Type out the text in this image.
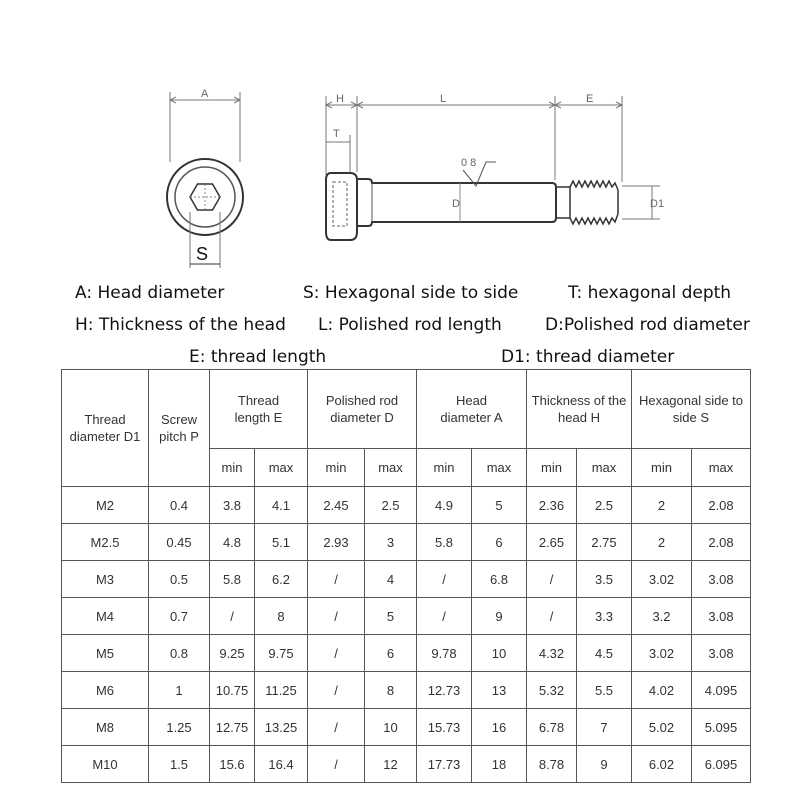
A
S
H	L	E
T
D	D1
0 8
A: Head diameter	S: Hexagonal side to side	T: hexagonal depth
H: Thickness of the head L: Polished rod length	D:Polished rod diameter
E: thread length	D1: thread diameter
Thread diameter D1	Screw pitch P	Thread length E		Polished rod diameter D		Head diameter A		Thickness of the head H		Hexagonal side to side S	
		min	max	min	max	min	max	min	max	min	max
M2	0.4	3.8	4.1	2.45	2.5	4.9	5	2.36	2.5	2	2.08
M2.5	0.45	4.8	5.1	2.93	3	5.8	6	2.65	2.75	2	2.08
M3	0.5	5.8	6.2	/	4	/	6.8	/	3.5	3.02	3.08
M4	0.7	/	8	/	5	/	9	/	3.3	3.2	3.08
M5	0.8	9.25	9.75	/	6	9.78	10	4.32	4.5	3.02	3.08
M6	1	10.75	11.25	/	8	12.73	13	5.32	5.5	4.02	4.095
M8	1.25	12.75	13.25	/	10	15.73	16	6.78	7	5.02	5.095
M10	1.5	15.6	16.4	/	12	17.73	18	8.78	9	6.02	6.095
